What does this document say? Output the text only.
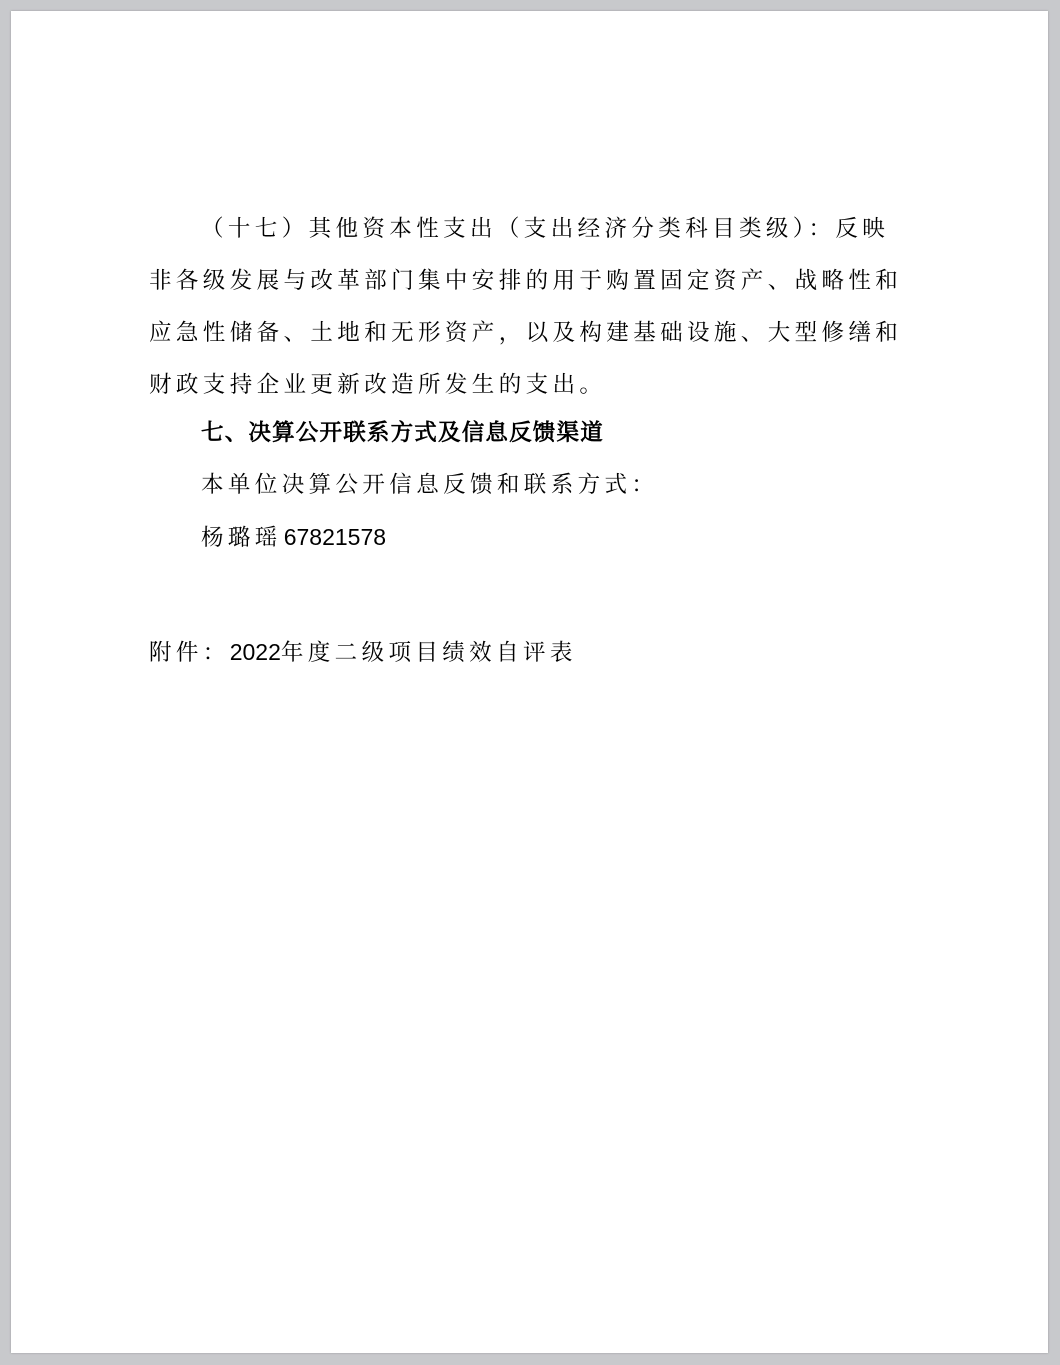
（十七）其他资本性支出（支出经济分类科目类级）：反映
非各级发展与改革部门集中安排的用于购置固定资产、战略性和
应急性储备、土地和无形资产，以及构建基础设施、大型修缮和
财政支持企业更新改造所发生的支出。
七、决算公开联系方式及信息反馈渠道
本单位决算公开信息反馈和联系方式：
杨璐瑶67821578
附件：2022年度二级项目绩效自评表
